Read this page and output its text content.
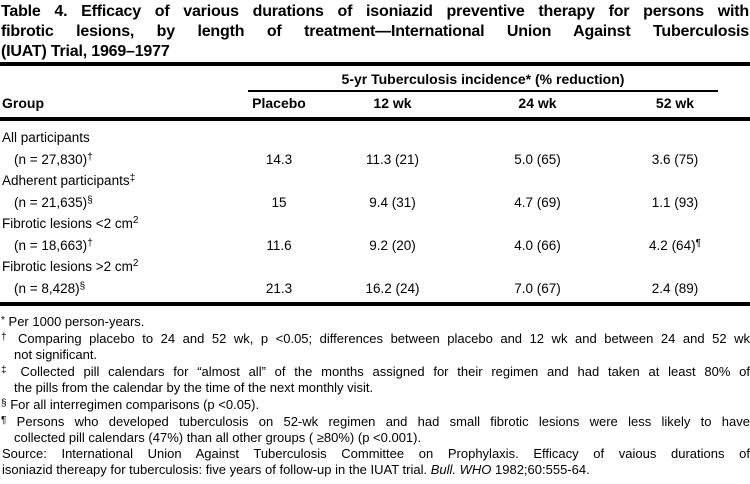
Table 4. Efficacy of various durations of isoniazid preventive therapy for persons with
fibrotic lesions, by length of treatment—International Union Against Tuberculosis
(IUAT) Trial, 1969–1977
5-yr Tuberculosis incidence* (% reduction)
Group	Placebo	12 wk	24 wk	52 wk
All participants
(n = 27,830)†	14.3	11.3 (21)	5.0 (65)	3.6 (75)
Adherent participants‡
(n = 21,635)§	15	9.4 (31)	4.7 (69)	1.1 (93)
Fibrotic lesions <2 $cm^2$
(n = 18,663)†	11.6	9.2 (20)	4.0 (66)	4.2 (64)¶
Fibrotic lesions >2 $cm^2$
(n = 8,428)§	21.3	16.2 (24)	7.0 (67)	2.4 (89)
* Per 1000 person-years.
† Comparing placebo to 24 and 52 wk, p <0.05; differences between placebo and 12 wk and between 24 and 52 wk
not significant.
‡ Collected pill calendars for “almost all” of the months assigned for their regimen and had taken at least 80% of
the pills from the calendar by the time of the next monthly visit.
§ For all interregimen comparisons (p <0.05).
¶ Persons who developed tuberculosis on 52-wk regimen and had small fibrotic lesions were less likely to have
collected pill calendars (47%) than all other groups ( ≥80%) (p <0.001).
Source: International Union Against Tuberculosis Committee on Prophylaxis. Efficacy of vaious durations of
isoniazid thereapy for tuberculosis: five years of follow-up in the IUAT trial. Bull. WHO 1982;60:555-64.
